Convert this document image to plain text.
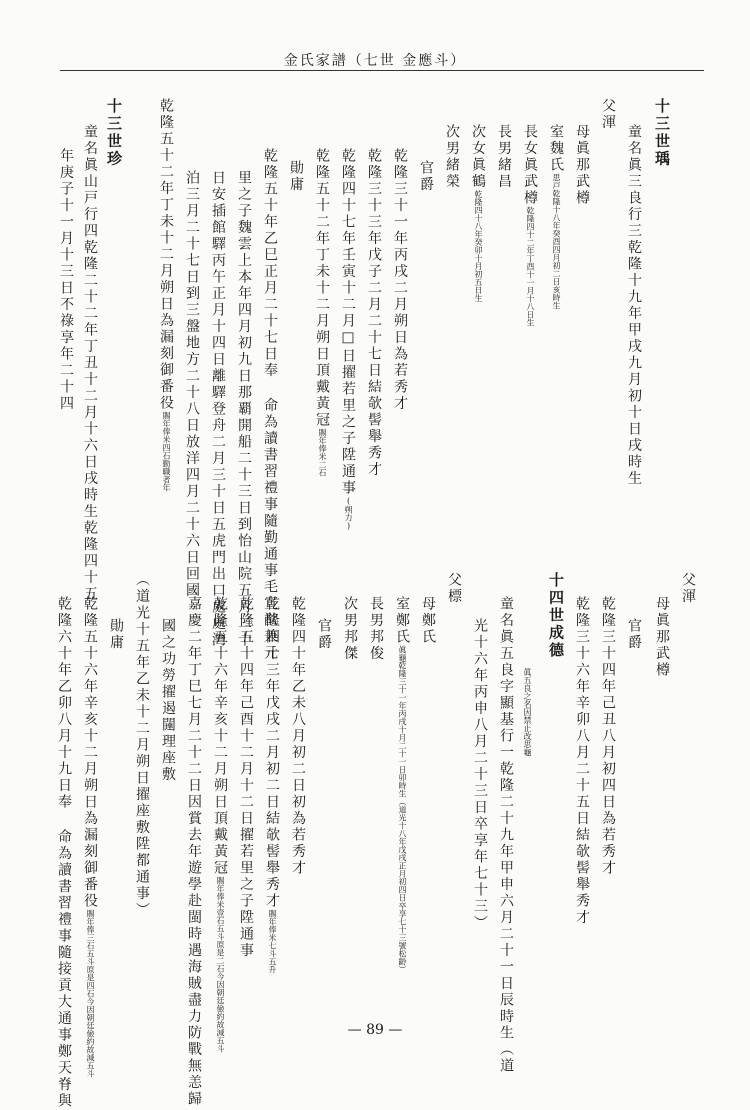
金氏家譜（七世 金應斗）
十三世瑀
童名眞三良行三乾隆十九年甲戌九月初十日戌時生
父渾
母眞那武樽
室魏氏思戸乾隆十八年癸酉四月初二日亥時生
長女眞武樽乾隆四十二年丁酉十一月十八日生
長男緒昌
次女眞鶴乾隆四十八年癸卯十月初五日生
次男緒榮
官爵
乾隆三十一年丙戌二月朔日為若秀才
乾隆三十三年戊子二月二十七日結欹髻舉秀才
乾隆四十七年壬寅十二月□日擢若里之子陞通事(朔力)
乾隆五十二年丁未十二月朔日頂戴黃冠賜年俸米二石
勛庸
乾隆五十年乙巳正月二十七日奉 命為讀書習禮事隨勤通事毛宣猷兼元
里之子魏雲上本年四月初九日那覇開船二十三日到怡山院五月二十
日安插館驛丙午正月十四日離驛登舟二月三十日五虎門出口處處灣
泊三月二十七日到三盤地方二十八日放洋四月二十六日回國
乾隆五十二年丁未十二月朔日為漏刻御番役賜年俸米四石勤職者年
十三世珍
童名眞山戸行四乾隆二十二年丁丑十二月十六日戌時生乾隆四十五
年庚子十一月十三日不祿享年二十四
父渾
母眞那武樽
官爵
乾隆三十四年己丑八月初四日為若秀才
乾隆三十六年辛卯八月二十五日結欹髻舉秀才
十四世成德
眞五良之名因禁止改思龜
童名眞五良字顯基行一乾隆二十九年甲申六月二十一日辰時生（道
光十六年丙申八月二十三日卒享年七十三）
父標
母鄭氏
室鄭氏眞龜乾隆三十一年丙戌十月二十一日卯時生（道光十八年戊戌正月初四日卒享七十三號松齡）
長男邦俊
次男邦傑
官爵
乾隆四十年乙未八月初二日初為若秀才
乾隆四十三年戊戌二月初二日結欹髻舉秀才賜年俸米七斗五升
乾隆五十四年己酉十二月十二日擢若里之子陞通事
乾隆五十六年辛亥十二月朔日頂戴黃冠賜年俸米壹石五斗原是二石今因朝廷儉約故減五斗
嘉慶二年丁巳七月二十二日因賞去年遊學赴閩時遇海賊盡力防戰無恙歸
國之功勞擢遏闥理座敷
（道光十五年乙未十二月朔日擢座敷陞都通事）
勛庸
乾隆五十六年辛亥十二月朔日為漏刻御番役賜年俸三石五斗原是四石今因朝廷儉約故減五斗
乾隆六十年乙卯八月十九日奉 命為讀書習禮事隨接貢大通事鄭天脊與	— 89 —
